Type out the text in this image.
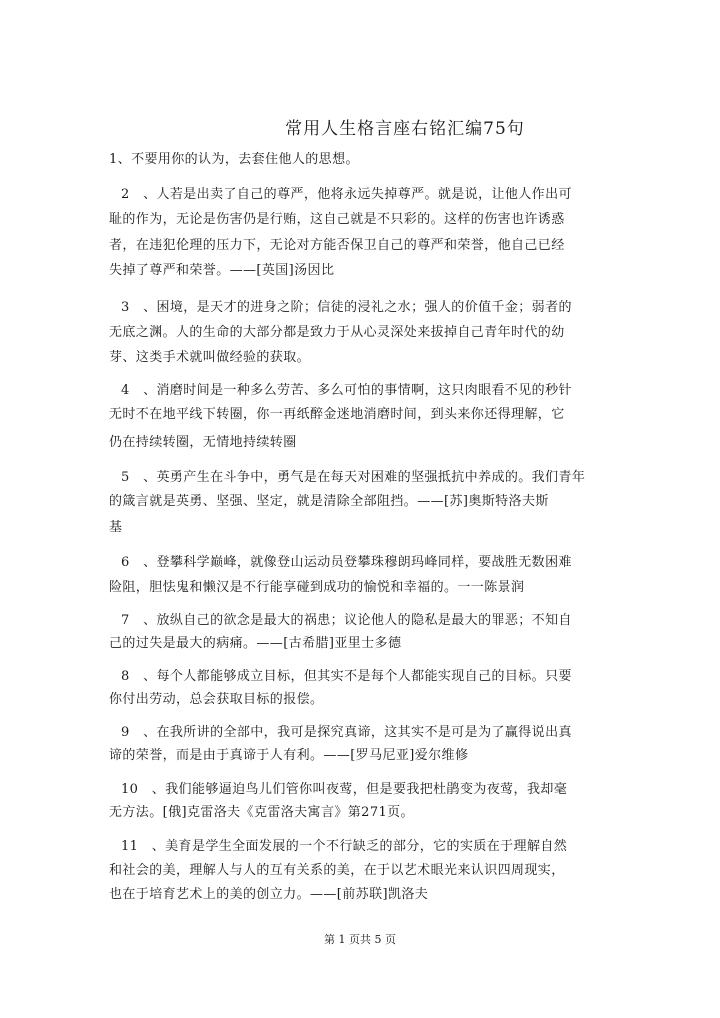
常用人生格言座右铭汇编75句
1、不要用你的认为，去套住他人的思想。
2　、人若是出卖了自己的尊严，他将永远失掉尊严。就是说，让他人作出可
耻的作为，无论是伤害仍是行贿，这自己就是不只彩的。这样的伤害也许诱惑
者，在违犯伦理的压力下，无论对方能否保卫自己的尊严和荣誉，他自己已经
失掉了尊严和荣誉。——[英国]汤因比
3　、困境，是天才的进身之阶；信徒的浸礼之水；强人的价值千金；弱者的
无底之渊。人的生命的大部分都是致力于从心灵深处来拔掉自己青年时代的幼
芽、这类手术就叫做经验的获取。
4　、消磨时间是一种多么劳苦、多么可怕的事情啊，这只肉眼看不见的秒针
无时不在地平线下转圈，你一再纸醉金迷地消磨时间，到头来你还得理解，它
仍在持续转圈，无情地持续转圈
5　、英勇产生在斗争中，勇气是在每天对困难的坚强抵抗中养成的。我们青年
的箴言就是英勇、坚强、坚定，就是清除全部阻挡。——[苏]奥斯特洛夫斯
基
6　、登攀科学巅峰，就像登山运动员登攀珠穆朗玛峰同样，要战胜无数困难
险阻，胆怯鬼和懒汉是不行能享碰到成功的愉悦和幸福的。一一陈景润
7　、放纵自己的欲念是最大的祸患；议论他人的隐私是最大的罪恶；不知自
己的过失是最大的病痛。——[古希腊]亚里士多德
8　、每个人都能够成立目标，但其实不是每个人都能实现自己的目标。只要
你付出劳动，总会获取目标的报偿。
9　、在我所讲的全部中，我可是探究真谛，这其实不是可是为了赢得说出真
谛的荣誉，而是由于真谛于人有利。——[罗马尼亚]爱尔维修
10　、我们能够逼迫鸟儿们管你叫夜莺，但是要我把杜鹃变为夜莺，我却毫
无方法。[俄]克雷洛夫《克雷洛夫寓言》第271页。
11　、美育是学生全面发展的一个不行缺乏的部分，它的实质在于理解自然
和社会的美，理解人与人的互有关系的美，在于以艺术眼光来认识四周现实，
也在于培育艺术上的美的创立力。——[前苏联]凯洛夫
第 1 页共 5 页
